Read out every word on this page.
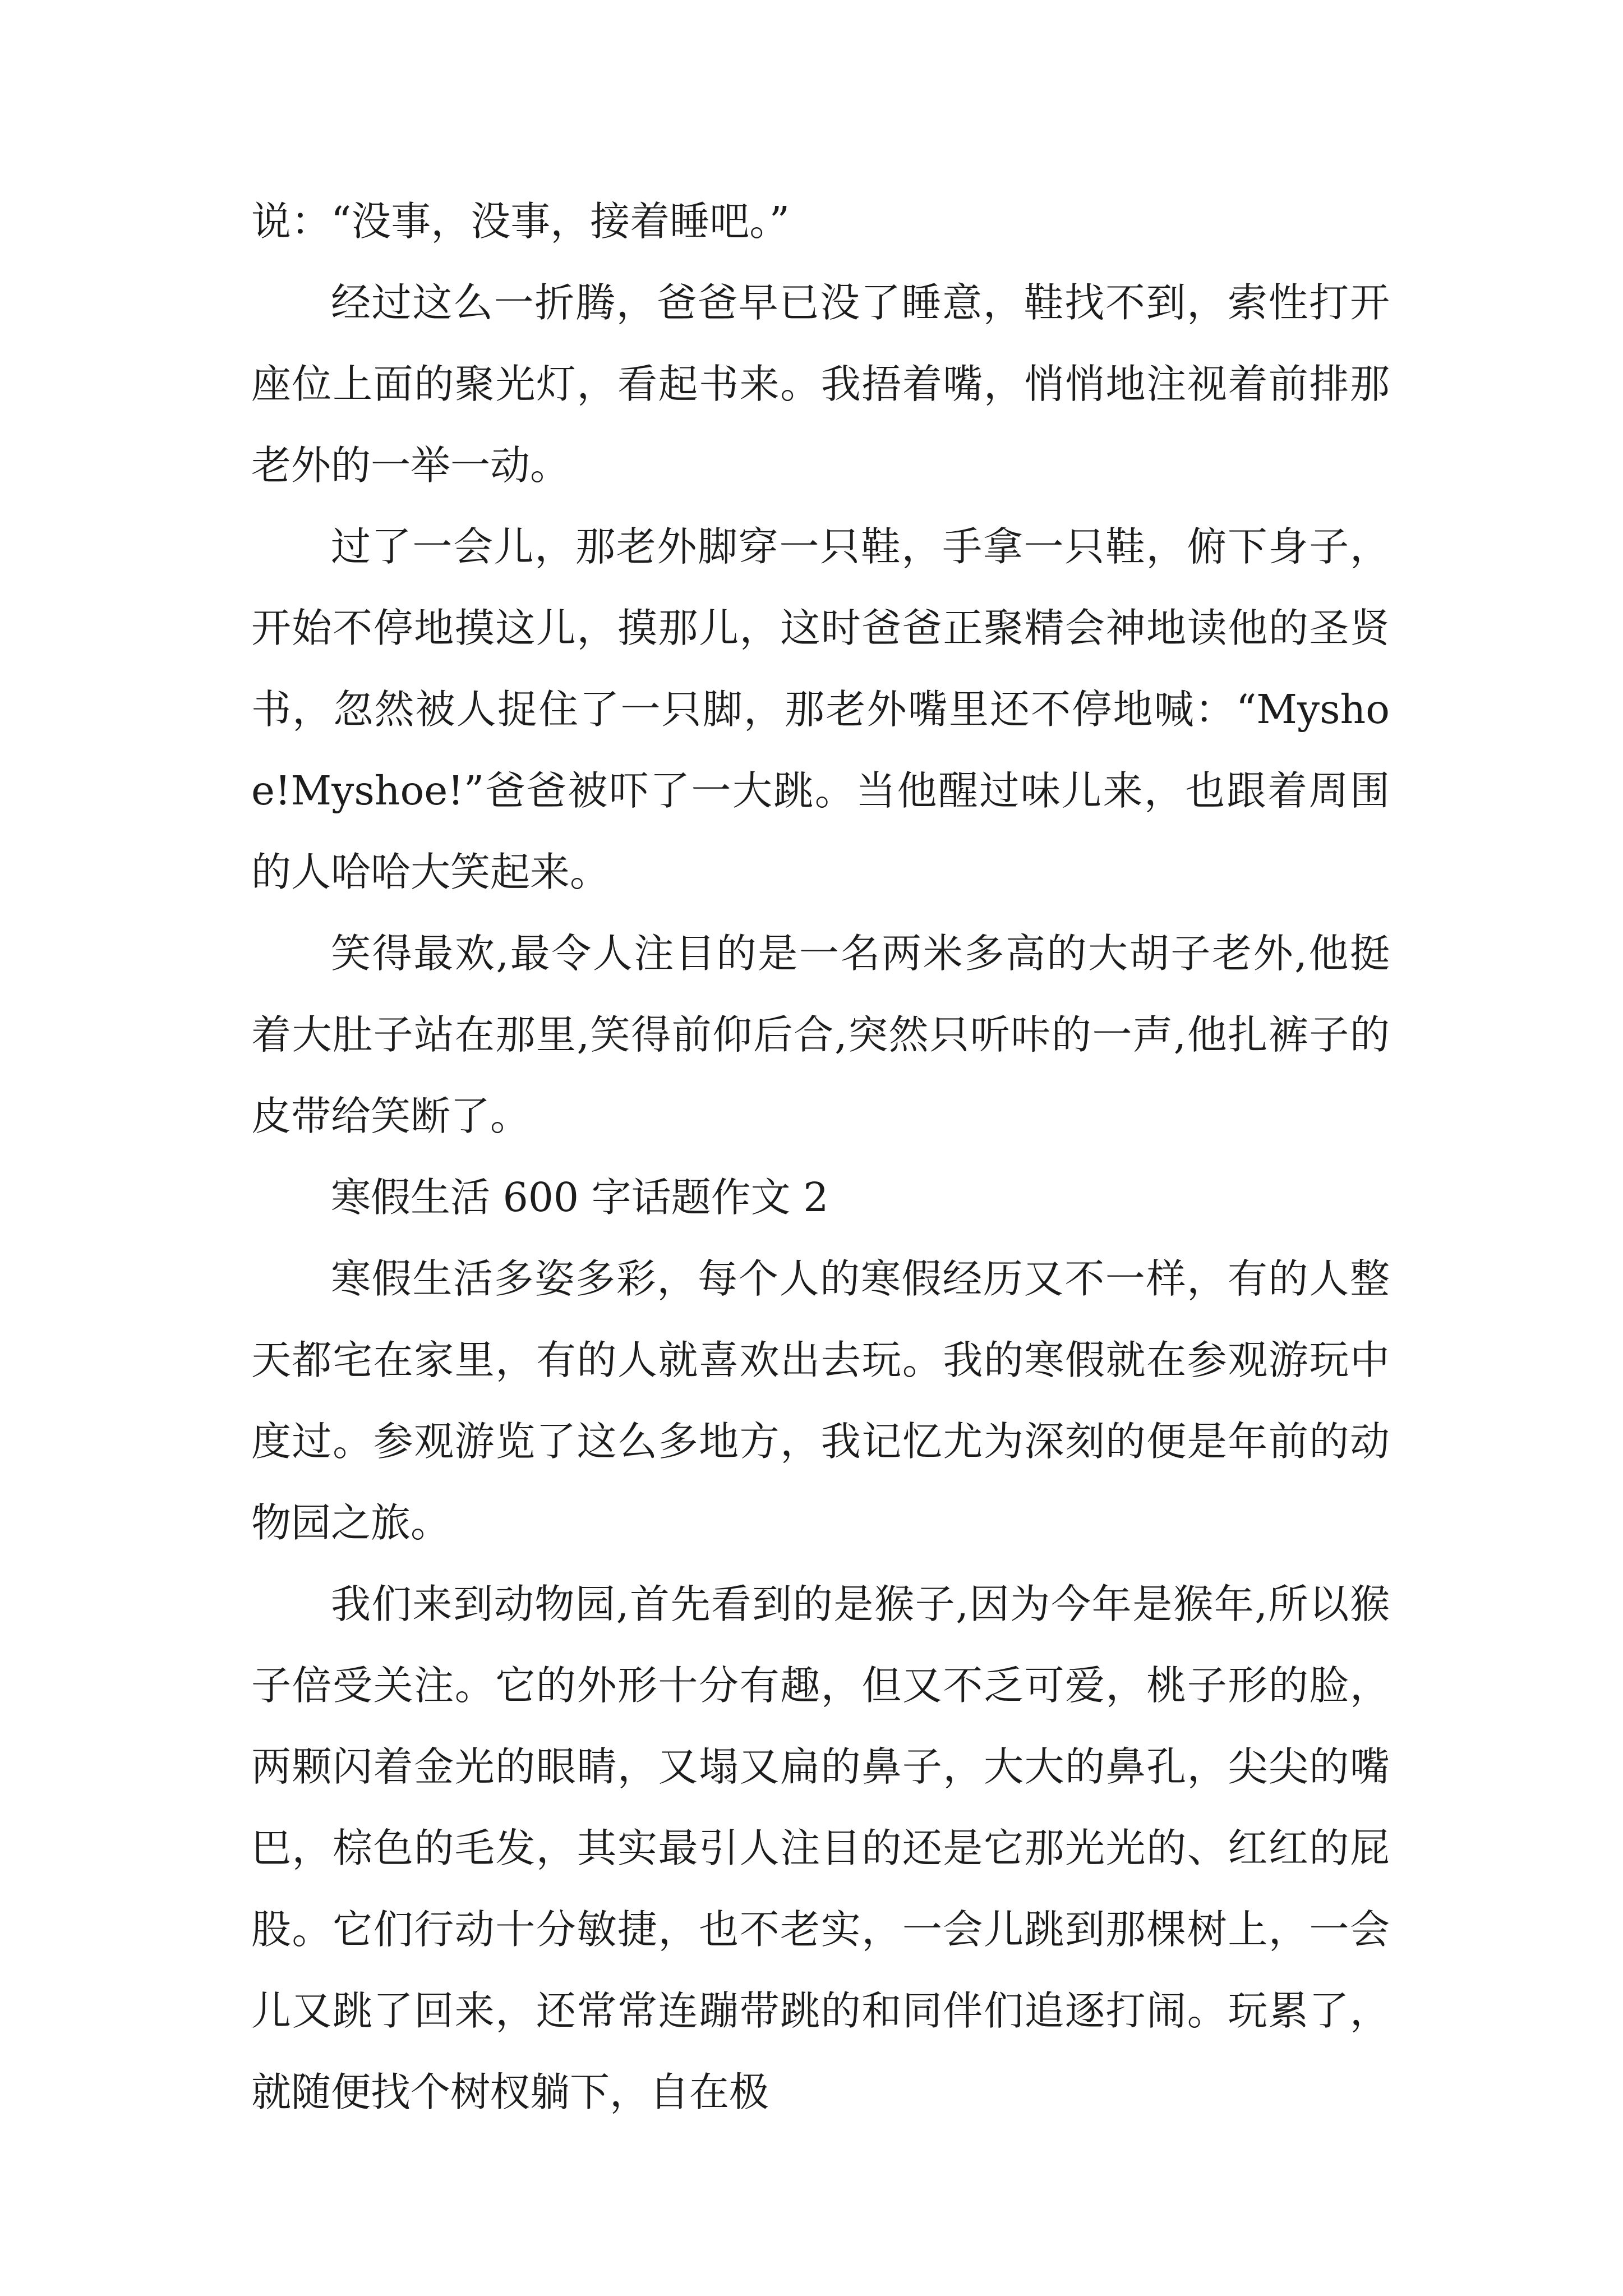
说：“没事，没事，接着睡吧。”

经过这么一折腾，爸爸早已没了睡意，鞋找不到，索性打开座位上面的聚光灯，看起书来。我捂着嘴，悄悄地注视着前排那老外的一举一动。

过了一会儿，那老外脚穿一只鞋，手拿一只鞋，俯下身子，开始不停地摸这儿，摸那儿，这时爸爸正聚精会神地读他的圣贤书，忽然被人捉住了一只脚，那老外嘴里还不停地喊：“Myshoe!Myshoe!”爸爸被吓了一大跳。当他醒过味儿来，也跟着周围的人哈哈大笑起来。

笑得最欢,最令人注目的是一名两米多高的大胡子老外,他挺着大肚子站在那里,笑得前仰后合,突然只听咔的一声,他扎裤子的皮带给笑断了。

寒假生活 600 字话题作文 2

寒假生活多姿多彩，每个人的寒假经历又不一样，有的人整天都宅在家里，有的人就喜欢出去玩。我的寒假就在参观游玩中度过。参观游览了这么多地方，我记忆尤为深刻的便是年前的动物园之旅。

我们来到动物园,首先看到的是猴子,因为今年是猴年,所以猴子倍受关注。它的外形十分有趣，但又不乏可爱，桃子形的脸，两颗闪着金光的眼睛，又塌又扁的鼻子，大大的鼻孔，尖尖的嘴巴，棕色的毛发，其实最引人注目的还是它那光光的、红红的屁股。它们行动十分敏捷，也不老实，一会儿跳到那棵树上，一会儿又跳了回来，还常常连蹦带跳的和同伴们追逐打闹。玩累了，就随便找个树杈躺下，自在极
